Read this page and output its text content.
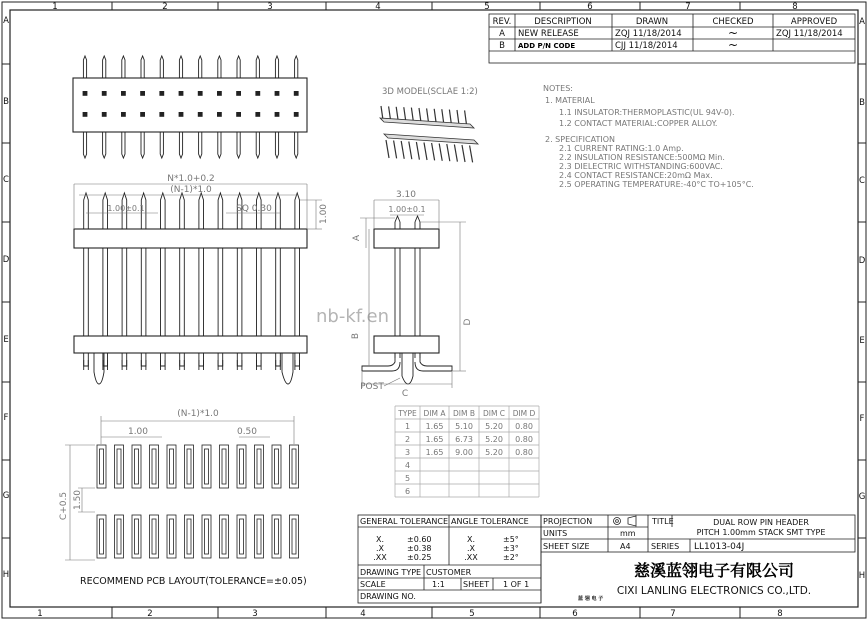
1
1
2
2
3
3
4
4
5
5
6
6
7
7
8
8
A	A
B	B
C	C
D	D
E	E
F	F
G	G
H	H
REV.	DESCRIPTION	DRAWN	CHECKED	APPROVED
A NEW RELEASE	ZQJ 11/18/2014	~	ZQJ 11/18/2014
B ADD P/N CODE	CJJ 11/18/2014	~
3D MODEL(SCLAE 1:2)	NOTES:
1. MATERIAL
1.1 INSULATOR:THERMOPLASTIC(UL 94V-0).
1.2 CONTACT MATERIAL:COPPER ALLOY.
2. SPECIFICATION
2.1 CURRENT RATING:1.0 Amp.
2.2 INSULATION RESISTANCE:500MΩ Min.
2.3 DIELECTRIC WITHSTANDING:600VAC.
2.4 CONTACT RESISTANCE:20mΩ Max.
2.5 OPERATING TEMPERATURE:-40°C TO+105°C.
N*1.0+0.2
(N-1)*1.0
1.00±0.1	SQ 0.30	1.00
3.10
1.00±0.1
A
B
D
C
POST
nb-kf.en
TYPE DIM A DIM B DIM C DIM D
1 1.65 5.10 5.20 0.80
2 1.65 6.73 5.20 0.80
3 1.65 9.00 5.20 0.80
4
5
6
(N-1)*1.0
1.00	0.50
C+0.5 1.50
RECOMMEND PCB LAYOUT(TOLERANCE=±0.05)
GENERAL TOLERANCE ANGLE TOLERANCE
X.	±0.60
.X	±0.38
.XX	±0.25
X.	±5°
.X	±3°
.XX	±2°
DRAWING TYPE CUSTOMER
SCALE	1:1 SHEET 1 OF 1
DRAWING NO.
PROJECTION	TITLE
UNITS	mm
SHEET SIZE	A4	SERIES LL1013-04J
DUAL ROW PIN HEADER
PITCH 1.00mm STACK SMT TYPE
慈溪蓝翎电子有限公司
CIXI LANLING ELECTRONICS CO.,LTD.
蓝 翎 电 子
